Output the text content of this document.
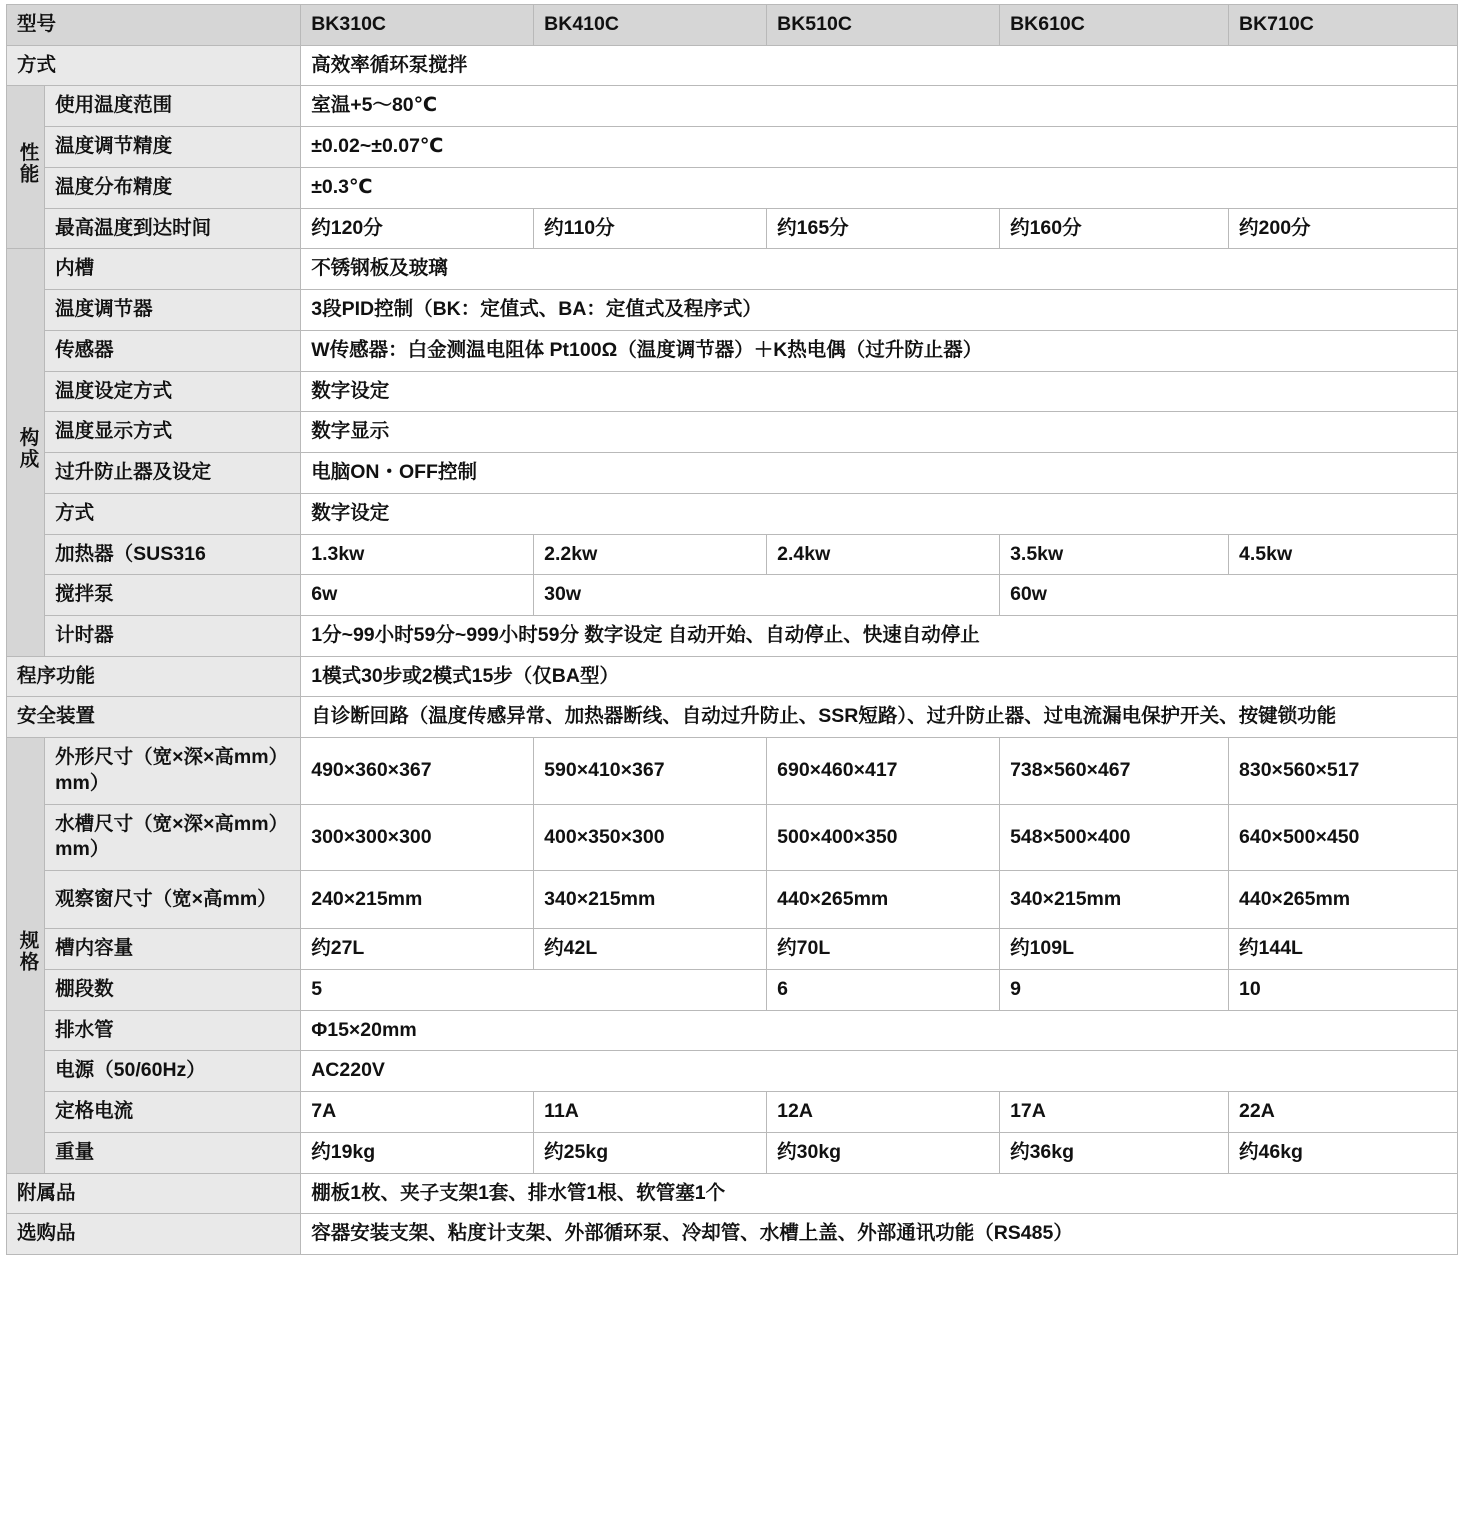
型号		BK310C	BK410C	BK510C	BK610C	BK710C
方式		高效率循环泵搅拌				
性能	使用温度范围	室温+5～80℃				
	温度调节精度	±0.02~±0.07℃				
	温度分布精度	±0.3℃				
	最高温度到达时间	约120分	约110分	约165分	约160分	约200分
构成	内槽	不锈钢板及玻璃				
	温度调节器	3段PID控制（BK：定值式、BA：定值式及程序式）				
	传感器	W传感器：白金测温电阻体 Pt100Ω（温度调节器）＋K热电偶（过升防止器）				
	温度设定方式	数字设定				
	温度显示方式	数字显示				
	过升防止器及设定	电脑ON・OFF控制				
	方式	数字设定				
	加热器（SUS316	1.3kw	2.2kw	2.4kw	3.5kw	4.5kw
	搅拌泵	6w	30w		60w	
	计时器	1分~99小时59分~999小时59分 数字设定 自动开始、自动停止、快速自动停止				
程序功能		1模式30步或2模式15步（仅BA型）				
安全装置		自诊断回路（温度传感异常、加热器断线、自动过升防止、SSR短路）、过升防止器、过电流漏电保护开关、按键锁功能				
规格	外形尺寸（宽×深×高mm）mm）	490×360×367	590×410×367	690×460×417	738×560×467	830×560×517
	水槽尺寸（宽×深×高mm）mm）	300×300×300	400×350×300	500×400×350	548×500×400	640×500×450
	观察窗尺寸（宽×高mm）	240×215mm	340×215mm	440×265mm	340×215mm	440×265mm
	槽内容量	约27L	约42L	约70L	约109L	约144L
	棚段数	5		6	9	10
	排水管	Φ15×20mm				
	电源（50/60Hz）	AC220V				
	定格电流	7A	11A	12A	17A	22A
	重量	约19kg	约25kg	约30kg	约36kg	约46kg
附属品		棚板1枚、夹子支架1套、排水管1根、软管塞1个				
选购品		容器安装支架、粘度计支架、外部循环泵、冷却管、水槽上盖、外部通讯功能（RS485）				
